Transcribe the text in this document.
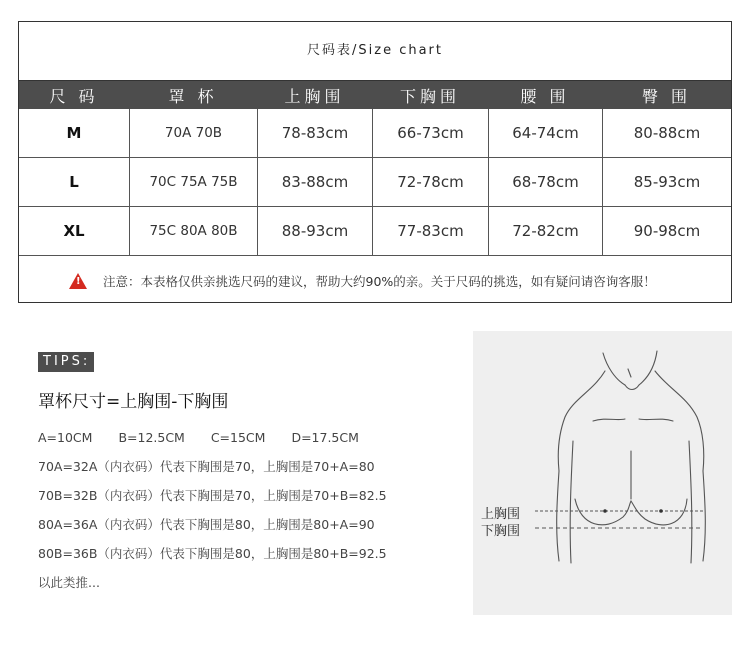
尺码表/Size chart
尺 码	罩 杯	上胸围	下胸围	腰 围	臀 围
M	70A 70B	78-83cm	66-73cm	64-74cm	80-88cm
L	70C 75A 75B	83-88cm	72-78cm	68-78cm	85-93cm
XL	75C 80A 80B	88-93cm	77-83cm	72-82cm	90-98cm
!
注意：本表格仅供亲挑选尺码的建议，帮助大约90%的亲。关于尺码的挑选，如有疑问请咨询客服！
TIPS:
罩杯尺寸=上胸围-下胸围
A=10CM B=12.5CM C=15CM D=17.5CM
70A=32A（内衣码）代表下胸围是70，上胸围是70+A=80
70B=32B（内衣码）代表下胸围是70，上胸围是70+B=82.5
80A=36A（内衣码）代表下胸围是80，上胸围是80+A=90
80B=36B（内衣码）代表下胸围是80，上胸围是80+B=92.5
以此类推...
上胸围
下胸围
